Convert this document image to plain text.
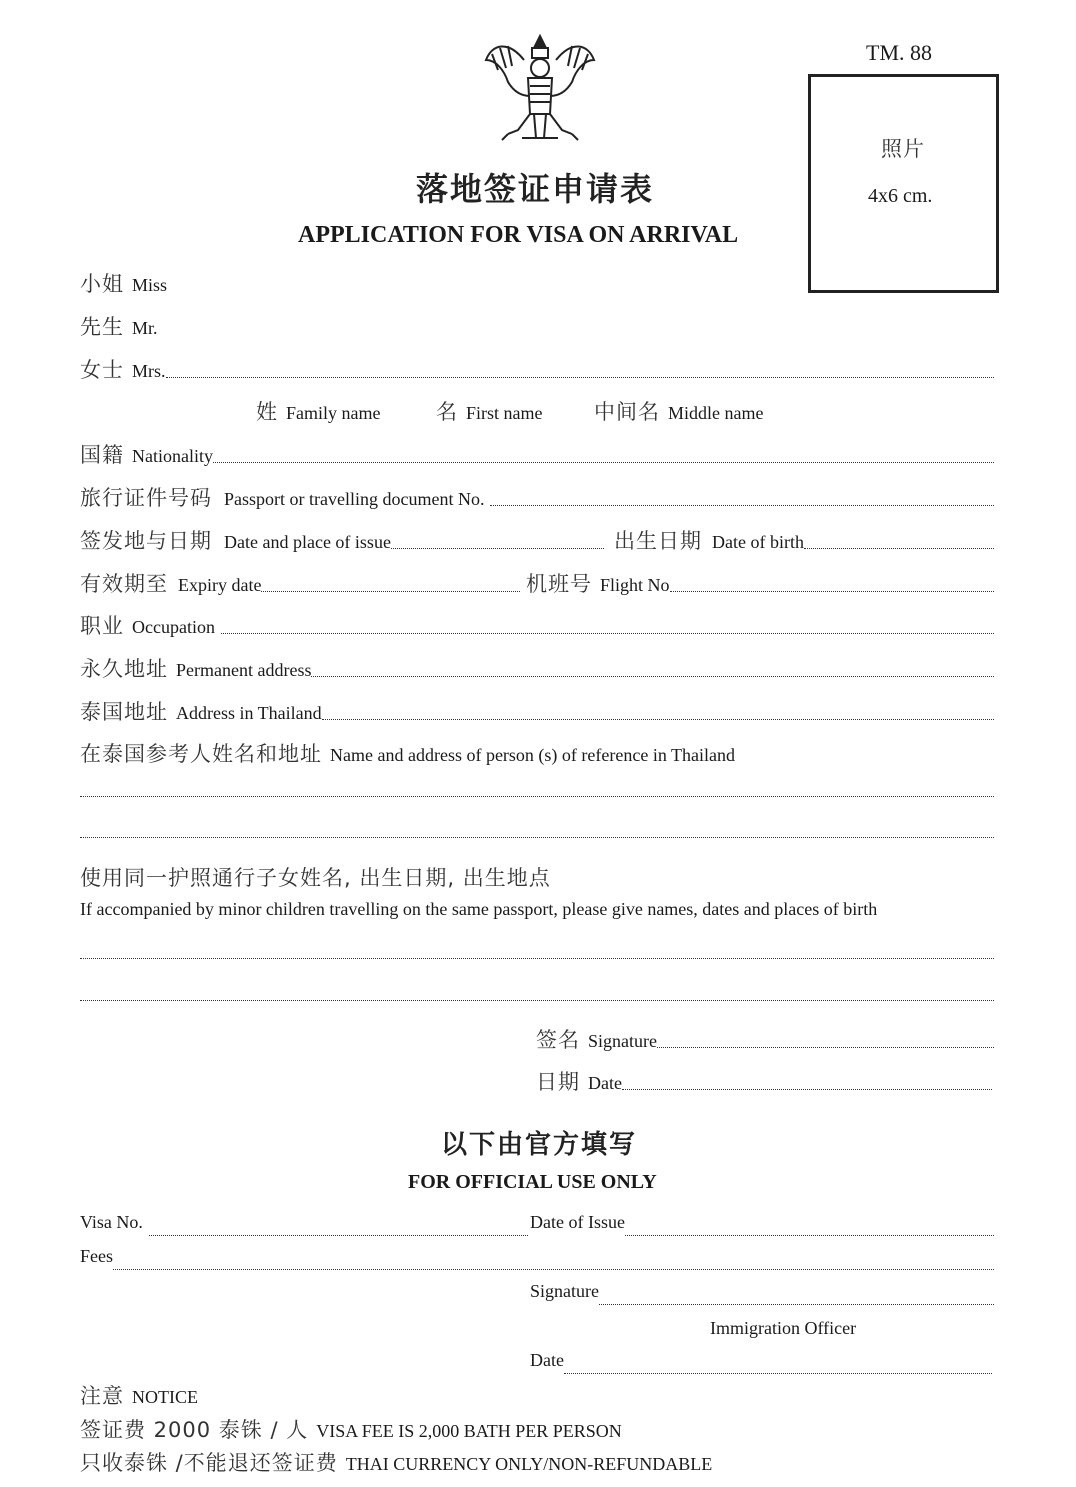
TM. 88
落地签证申请表
APPLICATION FOR VISA ON ARRIVAL
照片
4x6 cm.
小姐 Miss
先生 Mr.
女士 Mrs.
姓 Family name	名 First name 中间名 Middle name
国籍 Nationality
旅行证件号码 Passport or travelling document No.
签发地与日期 Date and place of issue	出生日期 Date of birth
有效期至 Expiry date	机班号 Flight No
职业 Occupation
永久地址 Permanent address
泰国地址 Address in Thailand
在泰国参考人姓名和地址 Name and address of person (s) of reference in Thailand
使用同一护照通行子女姓名, 出生日期, 出生地点
If accompanied by minor children travelling on the same passport, please give names, dates and places of birth
签名 Signature
日期 Date
以下由官方填写
FOR OFFICIAL USE ONLY
Visa No.	Date of Issue
Fees
Signature
Immigration Officer
Date
注意 NOTICE
签证费 2000 泰铢 / 人 VISA FEE IS 2,000 BATH PER PERSON
只收泰铢 /不能退还签证费 THAI CURRENCY ONLY/NON-REFUNDABLE
